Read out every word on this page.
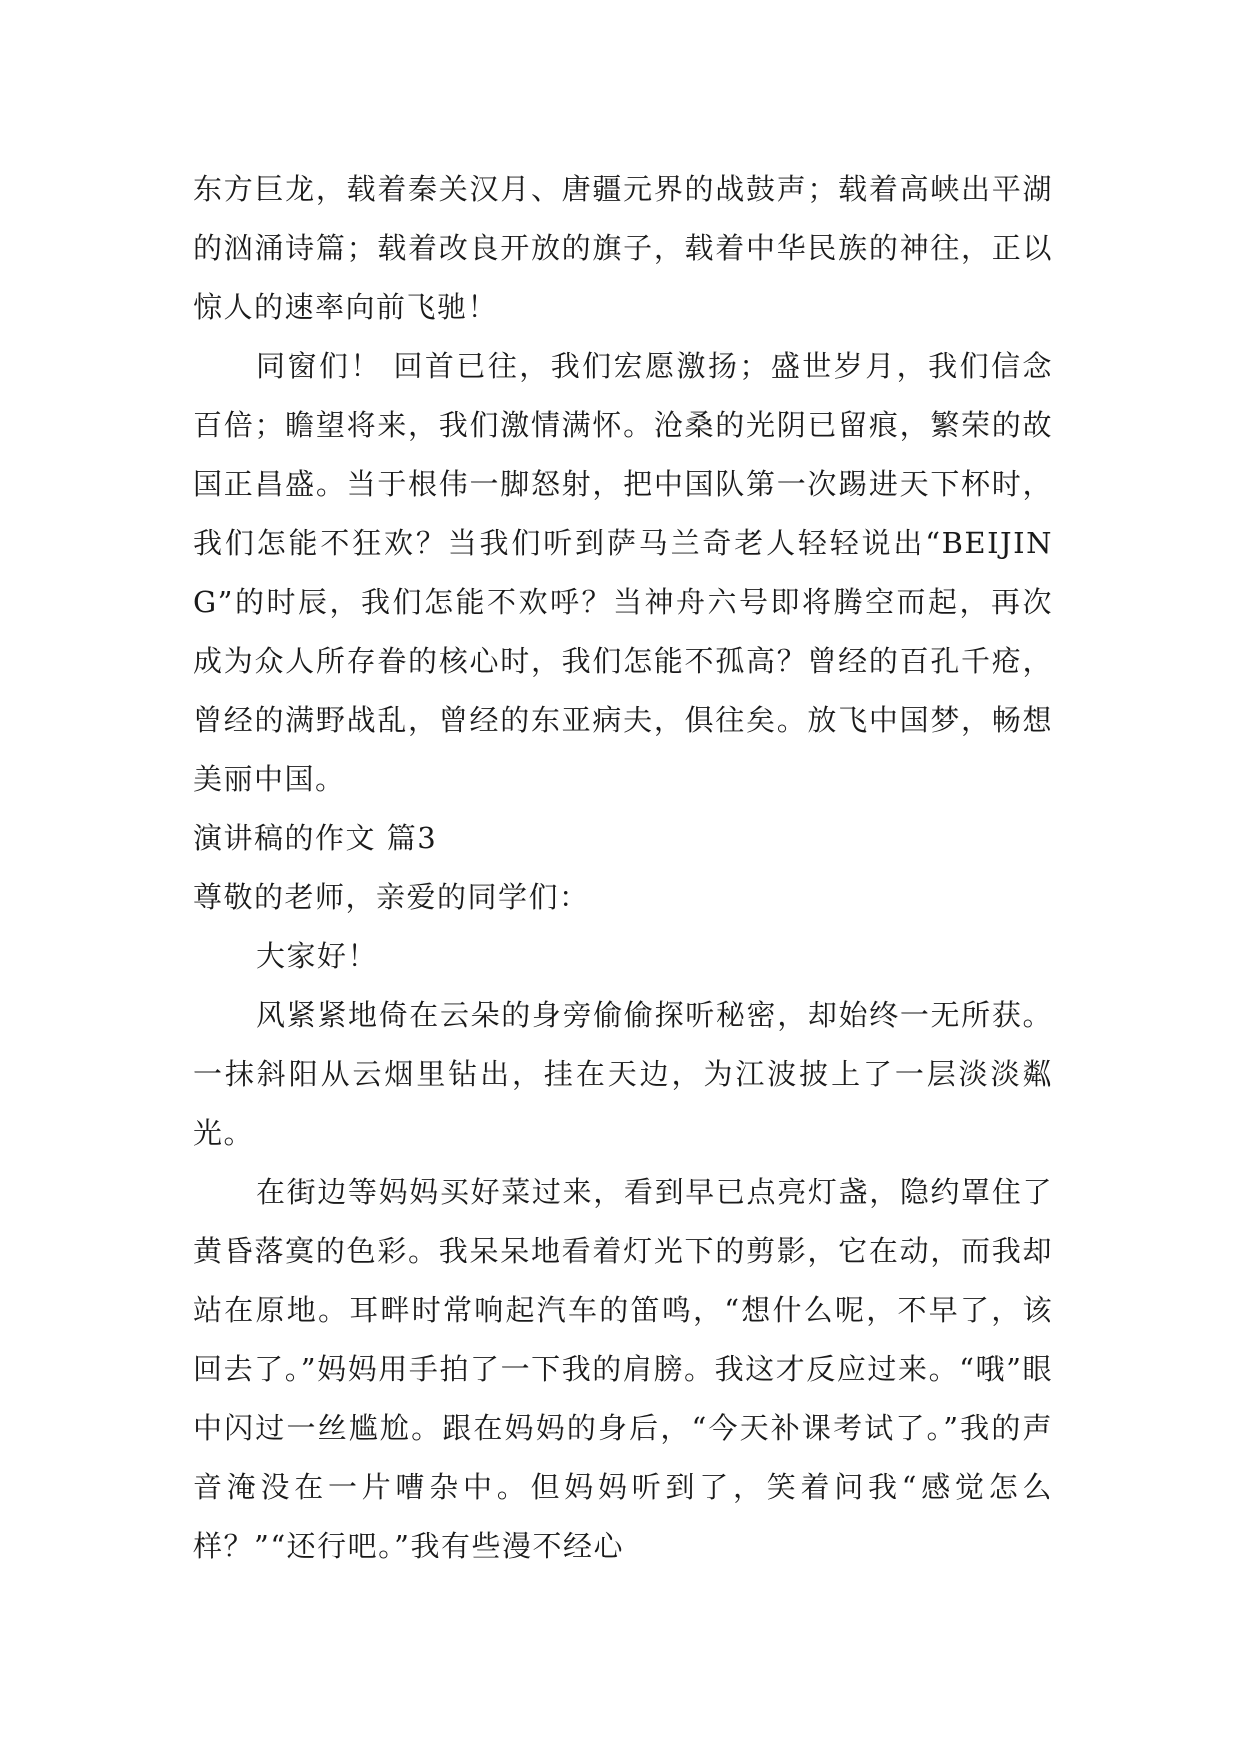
东方巨龙，载着秦关汉月、唐疆元界的战鼓声；载着高峡出平湖的汹涌诗篇；载着改良开放的旗子，载着中华民族的神往，正以惊人的速率向前飞驰！

同窗们！ 回首已往，我们宏愿激扬；盛世岁月，我们信念百倍；瞻望将来，我们激情满怀。沧桑的光阴已留痕，繁荣的故国正昌盛。当于根伟一脚怒射，把中国队第一次踢进天下杯时，我们怎能不狂欢？当我们听到萨马兰奇老人轻轻说出“BEIJING”的时辰，我们怎能不欢呼？当神舟六号即将腾空而起，再次成为众人所存眷的核心时，我们怎能不孤高？曾经的百孔千疮，曾经的满野战乱，曾经的东亚病夫，俱往矣。放飞中国梦，畅想美丽中国。

演讲稿的作文 篇3

尊敬的老师，亲爱的同学们：

大家好！

风紧紧地倚在云朵的身旁偷偷探听秘密，却始终一无所获。一抹斜阳从云烟里钻出，挂在天边，为江波披上了一层淡淡粼光。

在街边等妈妈买好菜过来，看到早已点亮灯盏，隐约罩住了黄昏落寞的色彩。我呆呆地看着灯光下的剪影，它在动，而我却站在原地。耳畔时常响起汽车的笛鸣，“想什么呢，不早了，该回去了。”妈妈用手拍了一下我的肩膀。我这才反应过来。“哦”眼中闪过一丝尴尬。跟在妈妈的身后，“今天补课考试了。”我的声音淹没在一片嘈杂中。但妈妈听到了，笑着问我“感觉怎么样？”“还行吧。”我有些漫不经心
